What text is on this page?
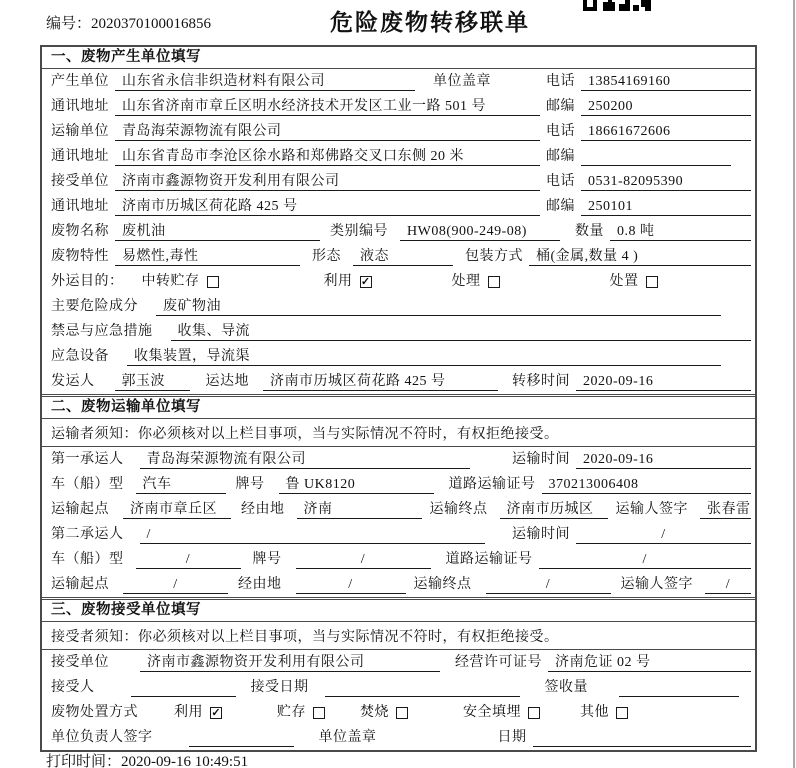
编号：2020370100016856	危险废物转移联单
一、废物产生单位填写
产生单位 山东省永信非织造材料有限公司	单位盖章	电话 13854169160
通讯地址 山东省济南市章丘区明水经济技术开发区工业一路 501 号	邮编 250200
运输单位 青岛海荣源物流有限公司	电话 18661672606
通讯地址 山东省青岛市李沧区徐水路和郑佛路交叉口东侧 20 米	邮编
接受单位 济南市鑫源物资开发利用有限公司	电话 0531-82095390
通讯地址 济南市历城区荷花路 425 号	邮编 250101
废物名称 废机油	类别编号	HW08(900-249-08)	数量 0.8 吨
废物特性 易燃性,毒性	形态	液态	包装方式 桶(金属,数量 4 )
外运目的： 中转贮存	利用 ✓	处理	处置
主要危险成分	废矿物油
禁忌与应急措施	收集、导流
应急设备	收集装置，导流渠
发运人	郭玉波	运达地	济南市历城区荷花路 425 号	转移时间 2020-09-16
二、废物运输单位填写
运输者须知：你必须核对以上栏目事项，当与实际情况不符时，有权拒绝接受。
第一承运人	青岛海荣源物流有限公司	运输时间 2020-09-16
车（船）型	汽车	牌号	鲁 UK8120	道路运输证号 370213006408
运输起点	济南市章丘区	经由地	济南	运输终点	济南市历城区	运输人签字	张春雷
第二承运人	/	运输时间	/
车（船）型	/	牌号	/	道路运输证号	/
运输起点	/	经由地	/	运输终点	/	运输人签字	/
三、废物接受单位填写
接受者须知：你必须核对以上栏目事项，当与实际情况不符时，有权拒绝接受。
接受单位	济南市鑫源物资开发利用有限公司	经营许可证号 济南危证 02 号
接受人	接受日期	签收量
废物处置方式	利用 ✓	贮存	焚烧	安全填埋	其他
单位负责人签字	单位盖章	日期
打印时间：2020-09-16 10:49:51
